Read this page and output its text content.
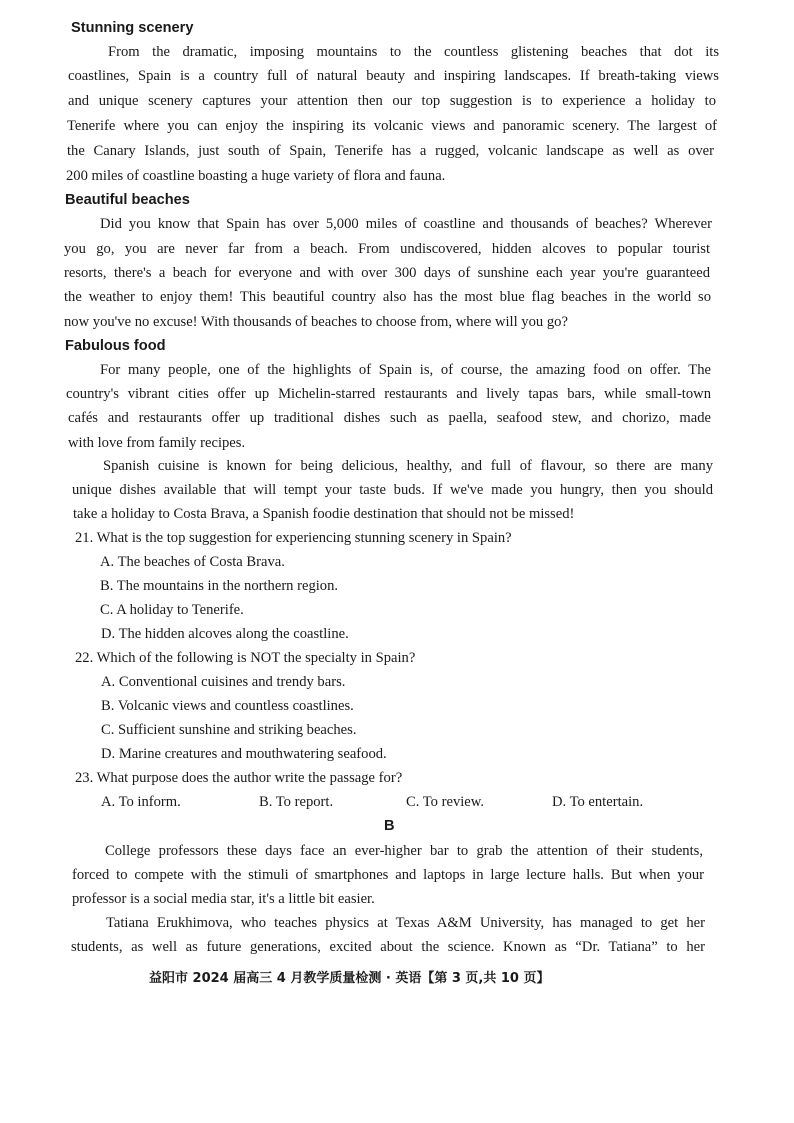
Stunning scenery
From the dramatic, imposing mountains to the countless glistening beaches that dot its
coastlines, Spain is a country full of natural beauty and inspiring landscapes. If breath-taking views
and unique scenery captures your attention then our top suggestion is to experience a holiday to
Tenerife where you can enjoy the inspiring its volcanic views and panoramic scenery. The largest of
the Canary Islands, just south of Spain, Tenerife has a rugged, volcanic landscape as well as over
200 miles of coastline boasting a huge variety of flora and fauna.
Beautiful beaches
Did you know that Spain has over 5,000 miles of coastline and thousands of beaches? Wherever
you go, you are never far from a beach. From undiscovered, hidden alcoves to popular tourist
resorts, there's a beach for everyone and with over 300 days of sunshine each year you're guaranteed
the weather to enjoy them! This beautiful country also has the most blue flag beaches in the world so
now you've no excuse! With thousands of beaches to choose from, where will you go?
Fabulous food
For many people, one of the highlights of Spain is, of course, the amazing food on offer. The
country's vibrant cities offer up Michelin-starred restaurants and lively tapas bars, while small-town
cafés and restaurants offer up traditional dishes such as paella, seafood stew, and chorizo, made
with love from family recipes.
Spanish cuisine is known for being delicious, healthy, and full of flavour, so there are many
unique dishes available that will tempt your taste buds. If we've made you hungry, then you should
take a holiday to Costa Brava, a Spanish foodie destination that should not be missed!
21. What is the top suggestion for experiencing stunning scenery in Spain?
A. The beaches of Costa Brava.
B. The mountains in the northern region.
C. A holiday to Tenerife.
D. The hidden alcoves along the coastline.
22. Which of the following is NOT the specialty in Spain?
A. Conventional cuisines and trendy bars.
B. Volcanic views and countless coastlines.
C. Sufficient sunshine and striking beaches.
D. Marine creatures and mouthwatering seafood.
23. What purpose does the author write the passage for?
A. To inform.	B. To report.	C. To review.	D. To entertain.
B
College professors these days face an ever-higher bar to grab the attention of their students,
forced to compete with the stimuli of smartphones and laptops in large lecture halls. But when your
professor is a social media star, it's a little bit easier.
Tatiana Erukhimova, who teaches physics at Texas A&M University, has managed to get her
students, as well as future generations, excited about the science. Known as “Dr. Tatiana” to her
益阳市 2024 届高三 4 月教学质量检测 · 英语【第 3 页,共 10 页】
